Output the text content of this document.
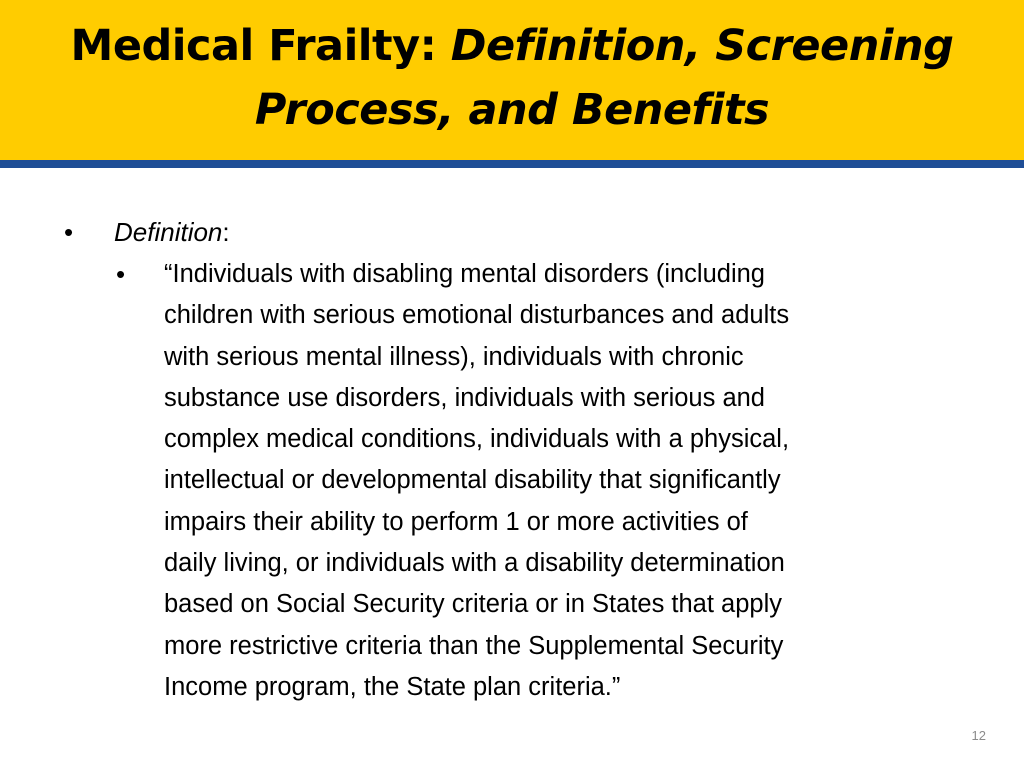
Medical Frailty: Definition, Screening
Process, and Benefits
• Definition:
• “Individuals with disabling mental disorders (including
children with serious emotional disturbances and adults
with serious mental illness), individuals with chronic
substance use disorders, individuals with serious and
complex medical conditions, individuals with a physical,
intellectual or developmental disability that significantly
impairs their ability to perform 1 or more activities of
daily living, or individuals with a disability determination
based on Social Security criteria or in States that apply
more restrictive criteria than the Supplemental Security
Income program, the State plan criteria.”
12
